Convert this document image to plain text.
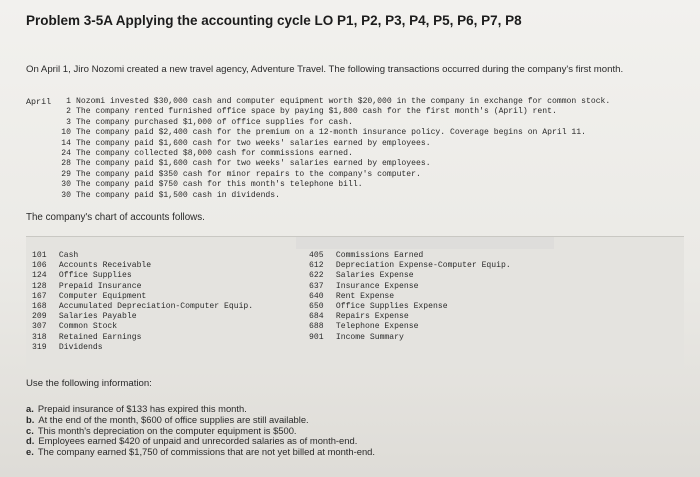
Problem 3-5A Applying the accounting cycle LO P1, P2, P3, P4, P5, P6, P7, P8
On April 1, Jiro Nozomi created a new travel agency, Adventure Travel. The following transactions occurred during the company's first month.
April	1 Nozomi invested $30,000 cash and computer equipment worth $20,000 in the company in exchange for common stock.
2 The company rented furnished office space by paying $1,800 cash for the first month's (April) rent.
3 The company purchased $1,000 of office supplies for cash.
10 The company paid $2,400 cash for the premium on a 12-month insurance policy. Coverage begins on April 11.
14 The company paid $1,600 cash for two weeks' salaries earned by employees.
24 The company collected $8,000 cash for commissions earned.
28 The company paid $1,600 cash for two weeks' salaries earned by employees.
29 The company paid $350 cash for minor repairs to the company's computer.
30 The company paid $750 cash for this month's telephone bill.
30 The company paid $1,500 cash in dividends.
The company's chart of accounts follows.
101 Cash
106 Accounts Receivable
124 Office Supplies
128 Prepaid Insurance
167 Computer Equipment
168 Accumulated Depreciation-Computer Equip.
209 Salaries Payable
307 Common Stock
318 Retained Earnings
319 Dividends
405 Commissions Earned
612 Depreciation Expense-Computer Equip.
622 Salaries Expense
637 Insurance Expense
640 Rent Expense
650 Office Supplies Expense
684 Repairs Expense
688 Telephone Expense
901 Income Summary
Use the following information:
a. Prepaid insurance of $133 has expired this month.
b. At the end of the month, $600 of office supplies are still available.
c. This month's depreciation on the computer equipment is $500.
d. Employees earned $420 of unpaid and unrecorded salaries as of month-end.
e. The company earned $1,750 of commissions that are not yet billed at month-end.
